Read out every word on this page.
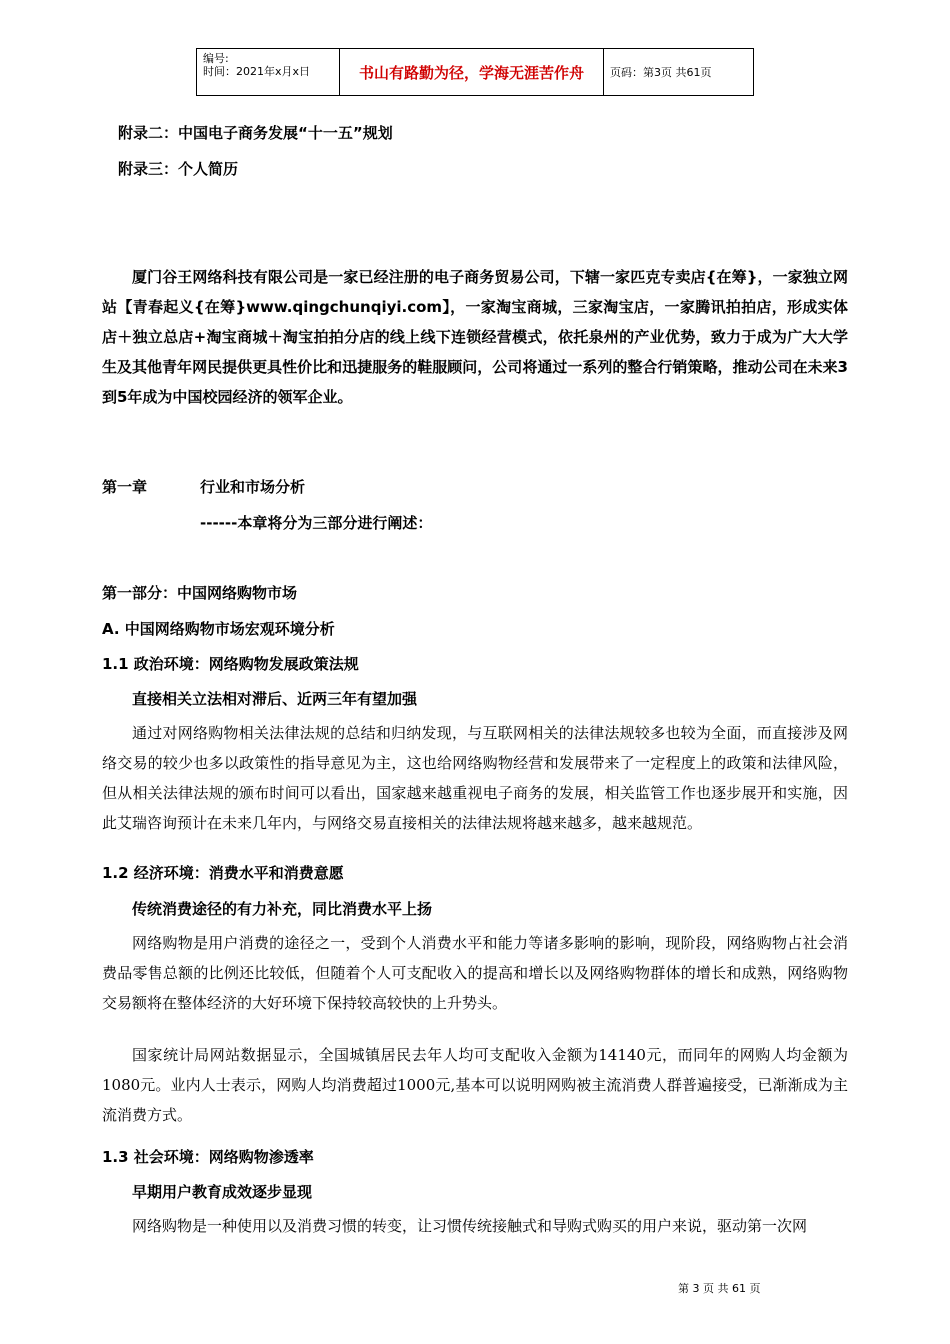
编号:
时间：2021年x月x日	书山有路勤为径，学海无涯苦作舟	页码：第3页 共61页
附录二：中国电子商务发展“十一五”规划
附录三：个人简历
厦门谷王网络科技有限公司是一家已经注册的电子商务贸易公司，下辖一家匹克专卖店{在筹}，一家独立网站【青春起义{在筹}www.qingchunqiyi.com】，一家淘宝商城，三家淘宝店，一家腾讯拍拍店，形成实体店＋独立总店+淘宝商城＋淘宝拍拍分店的线上线下连锁经营模式，依托泉州的产业优势，致力于成为广大大学生及其他青年网民提供更具性价比和迅捷服务的鞋服顾问，公司将通过一系列的整合行销策略，推动公司在未来3到5年成为中国校园经济的领军企业。
第一章	行业和市场分析
------本章将分为三部分进行阐述：
第一部分：中国网络购物市场
A. 中国网络购物市场宏观环境分析
1.1 政治环境：网络购物发展政策法规
直接相关立法相对滞后、近两三年有望加强
通过对网络购物相关法律法规的总结和归纳发现，与互联网相关的法律法规较多也较为全面，而直接涉及网络交易的较少也多以政策性的指导意见为主，这也给网络购物经营和发展带来了一定程度上的政策和法律风险，但从相关法律法规的颁布时间可以看出，国家越来越重视电子商务的发展，相关监管工作也逐步展开和实施，因此艾瑞咨询预计在未来几年内，与网络交易直接相关的法律法规将越来越多，越来越规范。
1.2 经济环境：消费水平和消费意愿
传统消费途径的有力补充，同比消费水平上扬
网络购物是用户消费的途径之一，受到个人消费水平和能力等诸多影响的影响，现阶段，网络购物占社会消费品零售总额的比例还比较低，但随着个人可支配收入的提高和增长以及网络购物群体的增长和成熟，网络购物交易额将在整体经济的大好环境下保持较高较快的上升势头。
国家统计局网站数据显示，全国城镇居民去年人均可支配收入金额为14140元，而同年的网购人均金额为1080元。业内人士表示，网购人均消费超过1000元,基本可以说明网购被主流消费人群普遍接受，已渐渐成为主流消费方式。
1.3 社会环境：网络购物渗透率
早期用户教育成效逐步显现
网络购物是一种使用以及消费习惯的转变，让习惯传统接触式和导购式购买的用户来说，驱动第一次网
第 3 页 共 61 页
